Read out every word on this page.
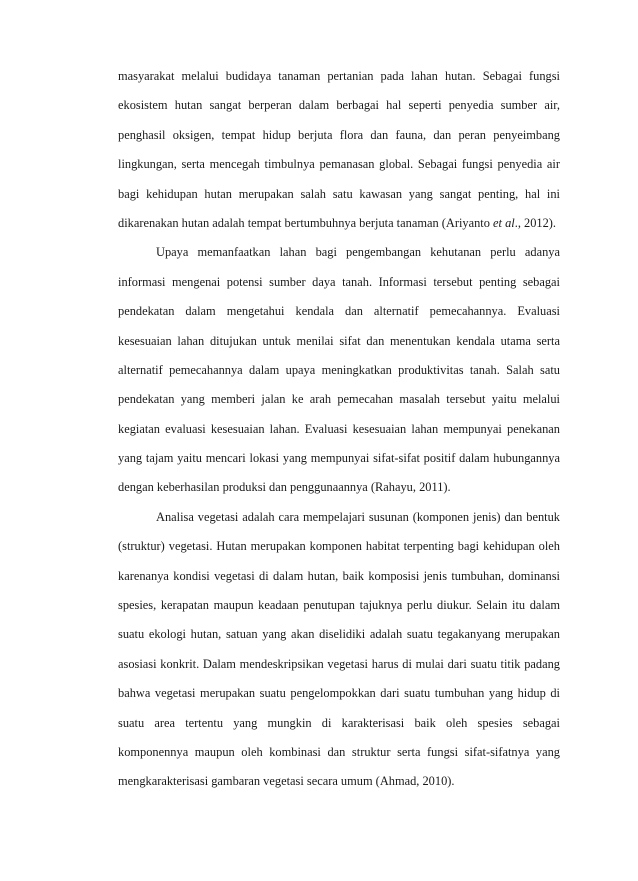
masyarakat melalui budidaya tanaman pertanian pada lahan hutan. Sebagai fungsi
ekosistem hutan sangat berperan dalam berbagai hal seperti penyedia sumber air,
penghasil oksigen, tempat hidup berjuta flora dan fauna, dan peran penyeimbang
lingkungan, serta mencegah timbulnya pemanasan global. Sebagai fungsi penyedia air
bagi kehidupan hutan merupakan salah satu kawasan yang sangat penting, hal ini
dikarenakan hutan adalah tempat bertumbuhnya berjuta tanaman (Ariyanto et al., 2012).
Upaya memanfaatkan lahan bagi pengembangan kehutanan perlu adanya
informasi mengenai potensi sumber daya tanah. Informasi tersebut penting sebagai
pendekatan dalam mengetahui kendala dan alternatif pemecahannya. Evaluasi
kesesuaian lahan ditujukan untuk menilai sifat dan menentukan kendala utama serta
alternatif pemecahannya dalam upaya meningkatkan produktivitas tanah. Salah satu
pendekatan yang memberi jalan ke arah pemecahan masalah tersebut yaitu melalui
kegiatan evaluasi kesesuaian lahan. Evaluasi kesesuaian lahan mempunyai penekanan
yang tajam yaitu mencari lokasi yang mempunyai sifat-sifat positif dalam hubungannya
dengan keberhasilan produksi dan penggunaannya (Rahayu, 2011).
Analisa vegetasi adalah cara mempelajari susunan (komponen jenis) dan bentuk
(struktur) vegetasi. Hutan merupakan komponen habitat terpenting bagi kehidupan oleh
karenanya kondisi vegetasi di dalam hutan, baik komposisi jenis tumbuhan, dominansi
spesies, kerapatan maupun keadaan penutupan tajuknya perlu diukur. Selain itu dalam
suatu ekologi hutan, satuan yang akan diselidiki adalah suatu tegakanyang merupakan
asosiasi konkrit. Dalam mendeskripsikan vegetasi harus di mulai dari suatu titik padang
bahwa vegetasi merupakan suatu pengelompokkan dari suatu tumbuhan yang hidup di
suatu area tertentu yang mungkin di karakterisasi baik oleh spesies sebagai
komponennya maupun oleh kombinasi dan struktur serta fungsi sifat-sifatnya yang
mengkarakterisasi gambaran vegetasi secara umum (Ahmad, 2010).
